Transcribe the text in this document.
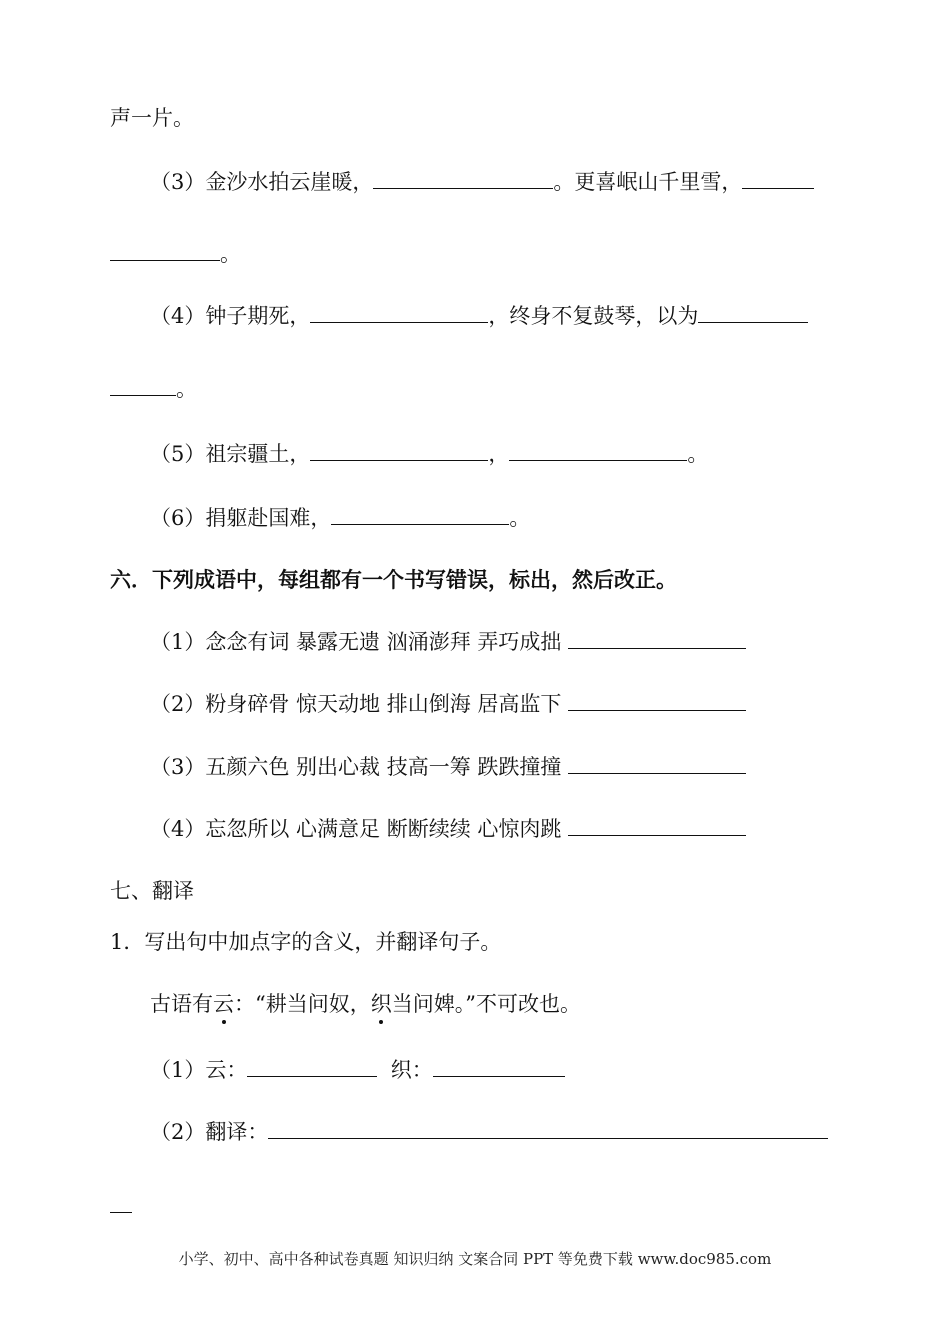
声一片。
（3）金沙水拍云崖暖，	。更喜岷山千里雪，
。
（4）钟子期死，	，终身不复鼓琴，以为
。
（5）祖宗疆土，	，	。
（6）捐躯赴国难，	。
六．下列成语中，每组都有一个书写错误，标出，然后改正。
（1）念念有词 暴露无遗 汹涌澎拜 弄巧成拙
（2）粉身碎骨 惊天动地 排山倒海 居高监下
（3）五颜六色 别出心裁 技高一筹 跌跌撞撞
（4）忘忽所以 心满意足 断断续续 心惊肉跳
七、翻译
1．写出句中加点字的含义，并翻译句子。
古语有云：“耕当问奴，织当问婢。”不可改也。
（1）云：	织：
（2）翻译：
小学、初中、高中各种试卷真题 知识归纳 文案合同 PPT 等免费下载 www.doc985.com
